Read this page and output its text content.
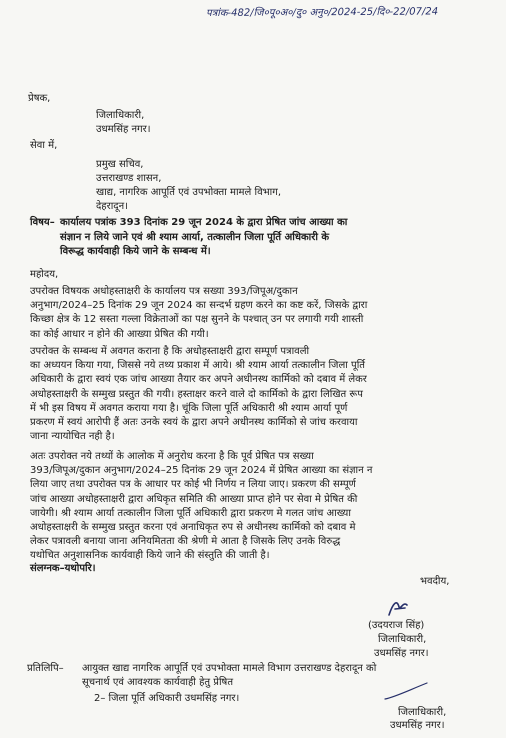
पत्रांक-482/जि०पू०अ०/दु० अनु०/2024-25/दि०-22/07/24
प्रेषक,
जिलाधिकारी,
उधमसिंह नगर।
सेवा में,
प्रमुख सचिव,
उत्तराखण्ड शासन,
खाद्य, नागरिक आपूर्ति एवं उपभोक्ता मामले विभाग,
देहरादून।
विषय– कार्यालय पत्रांक 393 दिनांक 29 जून 2024 के द्वारा प्रेषित जांच आख्या का
संज्ञान न लिये जाने एवं श्री श्याम आर्या, तत्कालीन जिला पूर्ति अधिकारी के
विरूद्ध कार्यवाही किये जाने के सम्बन्ध में।
महोदय,
उपरोक्त विषयक अधोहस्ताक्षरी के कार्यालय पत्र सख्या 393/जिपूअ/दुकान
अनुभाग/2024–25 दिनांक 29 जून 2024 का सन्दर्भ ग्रहण करने का कष्ट करें, जिसके द्वारा
किच्छा क्षेत्र के 12 सस्ता गल्ला विक्रेताओं का पक्ष सुनने के पश्चात् उन पर लगायी गयी शास्ती
का कोई आधार न होने की आख्या प्रेषित की गयी।
उपरोक्त के सम्बन्ध में अवगत कराना है कि अधोहस्ताक्षरी द्वारा सम्पूर्ण पत्रावली
का अध्ययन किया गया, जिससे नये तथ्य प्रकाश में आये। श्री श्याम आर्या तत्कालीन जिला पूर्ति
अधिकारी के द्वारा स्वयं एक जांच आख्या तैयार कर अपने अधीनस्थ कार्मिको को दबाव में लेकर
अधोहस्ताक्षरी के सम्मुख प्रस्तुत की गयी। हस्ताक्षर करने वाले दो कार्मिको के द्वारा लिखित रूप
में भी इस विषय में अवगत कराया गया है। चूंकि जिला पूर्ति अधिकारी श्री श्याम आर्या पूर्ण
प्रकरण में स्वयं आरोपी हैं अतः उनके स्वयं के द्वारा अपने अधीनस्थ कार्मिको से जांच करवाया
जाना न्यायोचित नही है।
अतः उपरोक्त नये तथ्यों के आलोक में अनुरोध करना है कि पूर्व प्रेषित पत्र सख्या
393/जिपूअ/दुकान अनुभाग/2024–25 दिनांक 29 जून 2024 में प्रेषित आख्या का संज्ञान न
लिया जाए तथा उपरोक्त पत्र के आधार पर कोई भी निर्णय न लिया जाए। प्रकरण की सम्पूर्ण
जांच आख्या अधोहस्ताक्षरी द्वारा अधिकृत समिति की आख्या प्राप्त होने पर सेवा मे प्रेषित की
जायेगी। श्री श्याम आर्या तत्कालीन जिला पूर्ति अधिकारी द्वारा प्रकरण मे गलत जांच आख्या
अधोहस्ताक्षरी के सम्मुख प्रस्तुत करना एवं अनाधिकृत रुप से अधीनस्थ कार्मिको को दबाव मे
लेकर पत्रावली बनाया जाना अनियमितता की श्रेणी मे आता है जिसके लिए उनके विरुद्ध
यथोचित अनुशासनिक कार्यवाही किये जाने की संस्तुति की जाती है।
संलग्नक–यथोपरि।
भवदीय,
(उदयराज सिंह)
जिलाधिकारी,
उधमसिंह नगर।
प्रतिलिपि– आयुक्त खाद्य नागरिक आपूर्ति एवं उपभोक्ता मामले विभाग उत्तराखण्ड देहरादून को
सूचनार्थ एवं आवश्यक कार्यवाही हेतु प्रेषित
2– जिला पूर्ति अधिकारी उधमसिंह नगर।
जिलाधिकारी,
उधमसिंह नगर।
